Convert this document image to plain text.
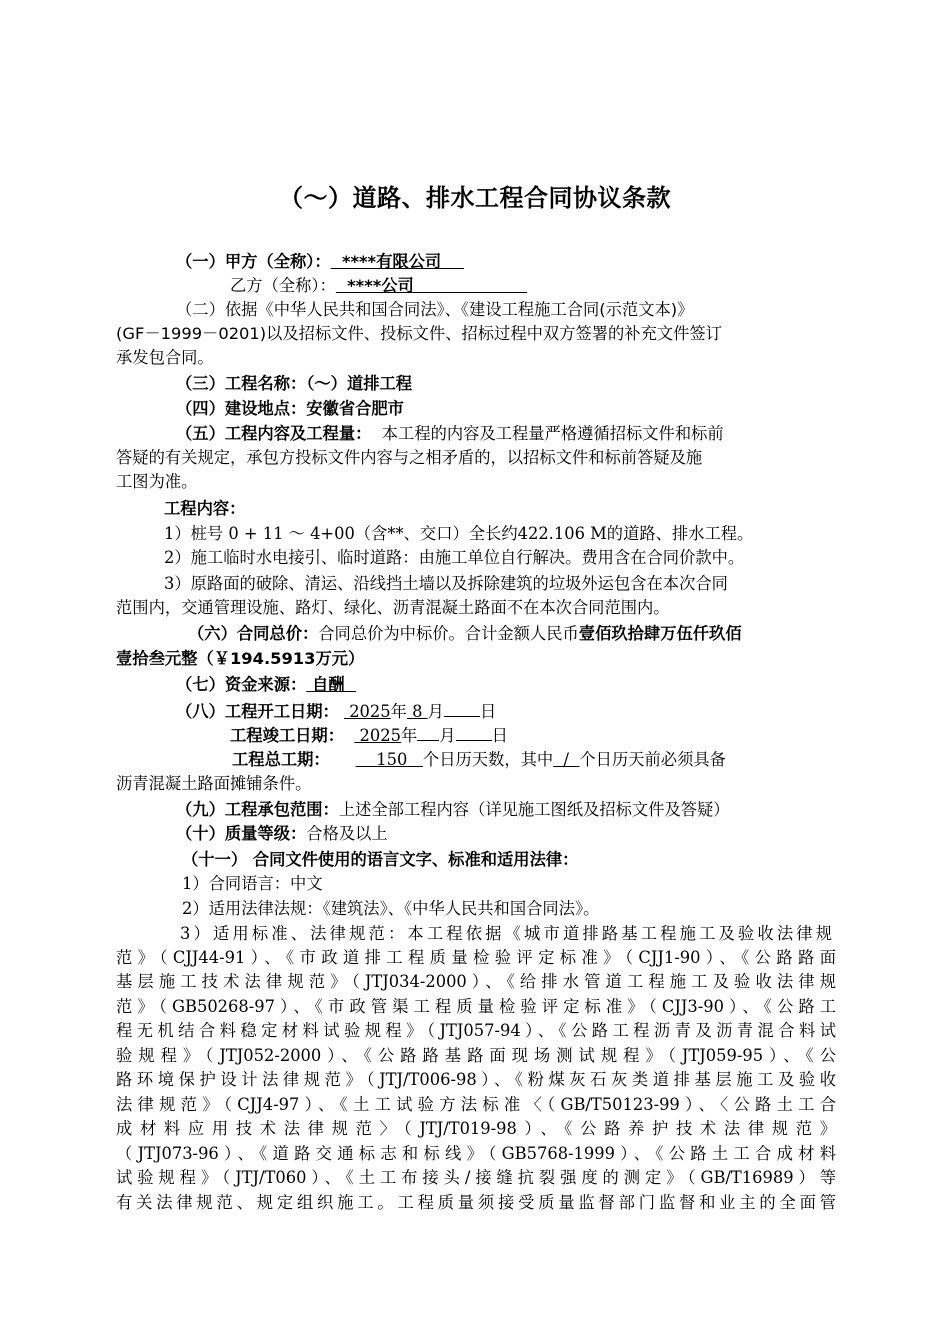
（～）道路、排水工程合同协议条款
（一）甲方（全称）： ****有限公司
乙方（全称）： ****公司
（二）依据《中华人民共和国合同法》、《建设工程施工合同(示范文本)》
(GF－1999－0201)以及招标文件、投标文件、招标过程中双方签署的补充文件签订
承发包合同。
（三）工程名称：（～）道排工程
（四）建设地点：安徽省合肥市
（五）工程内容及工程量： 本工程的内容及工程量严格遵循招标文件和标前
答疑的有关规定，承包方投标文件内容与之相矛盾的，以招标文件和标前答疑及施
工图为准。
工程内容：
1）桩号 0 + 11 ～ 4+00（含**、交口）全长约422.106 M的道路、排水工程。
2）施工临时水电接引、临时道路：由施工单位自行解决。费用含在合同价款中。
3）原路面的破除、清运、沿线挡土墙以及拆除建筑的垃圾外运包含在本次合同
范围内，交通管理设施、路灯、绿化、沥青混凝土路面不在本次合同范围内。
（六）合同总价：合同总价为中标价。合计金额人民币壹佰玖拾肆万伍仟玖佰
壹拾叁元整（￥194.5913万元）
（七）资金来源： 自酬
（八）工程开工日期： 2025年 8 月 日
工程竣工日期： 2025年 月 日
工程总工期：	150 个日历天数，其中 / 个日历天前必须具备
沥青混凝土路面摊铺条件。
（九）工程承包范围：上述全部工程内容（详见施工图纸及招标文件及答疑）
（十）质量等级：合格及以上
（十一） 合同文件使用的语言文字、标准和适用法律：
1）合同语言：中文
2）适用法律法规：《建筑法》、《中华人民共和国合同法》。
3）适用标准、法律规范：本工程依据《城市道排路基工程施工及验收法律规
范》（CJJ44-91）、《市政道排工程质量检验评定标准》（CJJ1-90）、《公路路面
基层施工技术法律规范》（JTJ034-2000）、《给排水管道工程施工及验收法律规
范》（GB50268-97）、《市政管渠工程质量检验评定标准》（CJJ3-90）、《公路工
程无机结合料稳定材料试验规程》（JTJ057-94）、《公路工程沥青及沥青混合料试
验规程》（JTJ052-2000）、《公路路基路面现场测试规程》（JTJ059-95）、《公
路环境保护设计法律规范》（JTJ/T006-98）、《粉煤灰石灰类道排基层施工及验收
法律规范》（CJJ4-97）、《土工试验方法标准〈（GB/T50123-99）、〈公路土工合
成材料应用技术法律规范〉（JTJ/T019-98）、《公路养护技术法律规范》
（JTJ073-96）、《道路交通标志和标线》（GB5768-1999）、《公路土工合成材料
试验规程》（JTJ/T060）、《土工布接头/接缝抗裂强度的测定》（GB/T16989）等
有关法律规范、规定组织施工。工程质量须接受质量监督部门监督和业主的全面管
